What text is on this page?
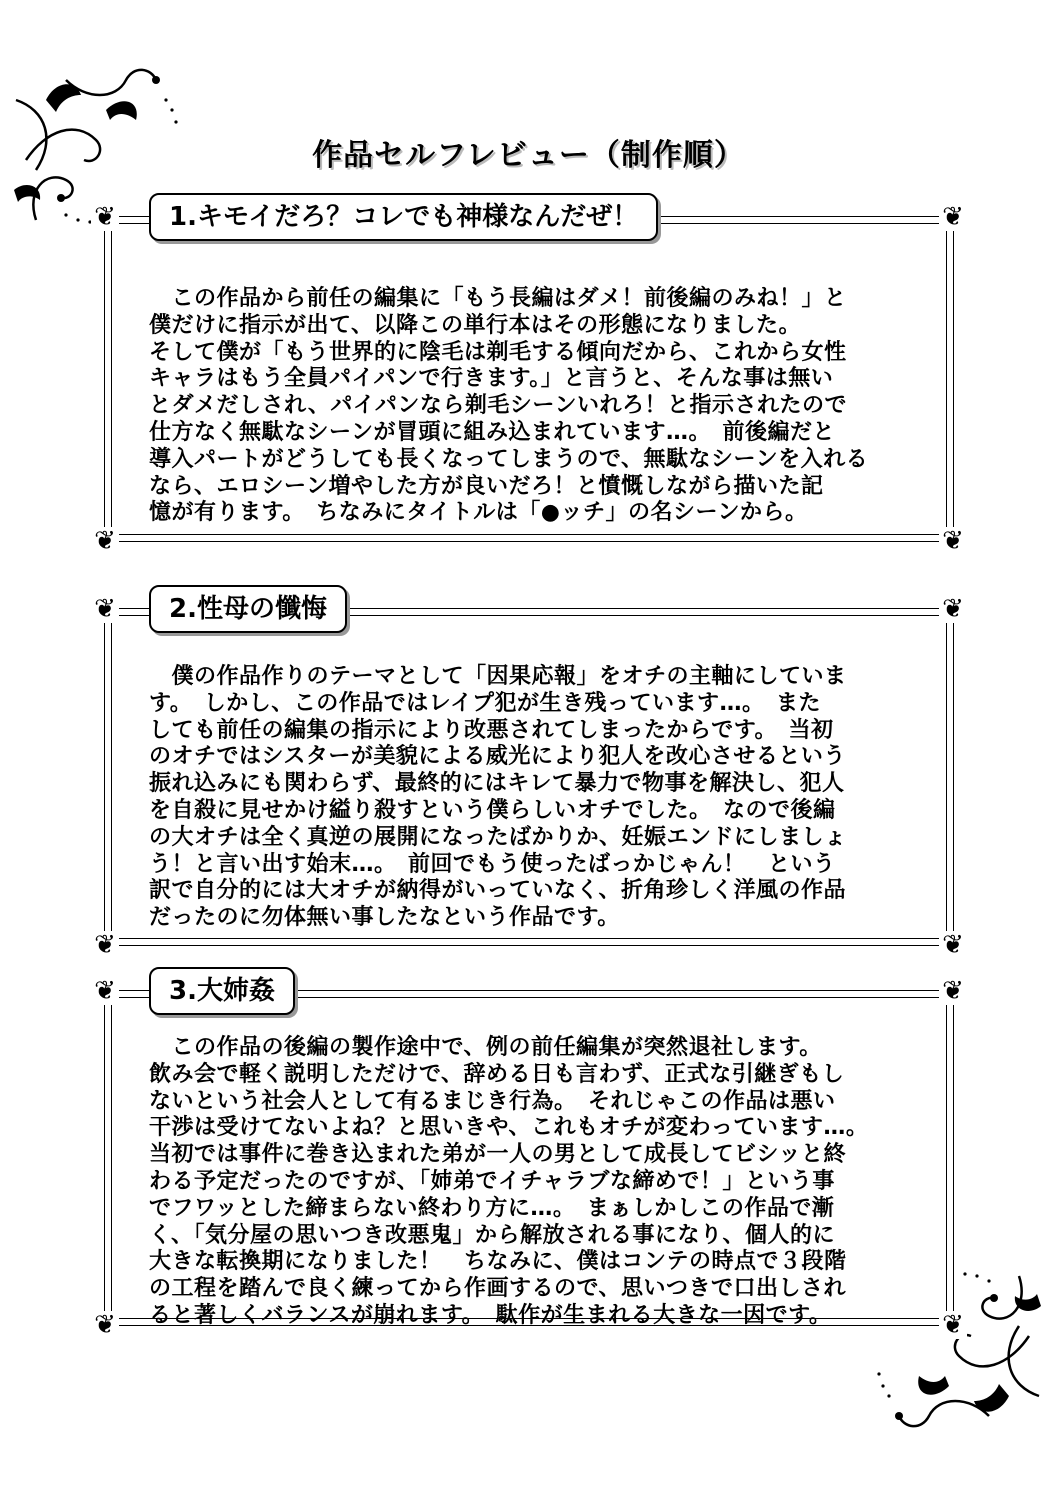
作品セルフレビュー（制作順）
❦	❦
❦	❦
1.キモイだろ？コレでも神様なんだぜ！
　この作品から前任の編集に「もう長編はダメ！前後編のみね！」と
僕だけに指示が出て、以降この単行本はその形態になりました。
そして僕が「もう世界的に陰毛は剃毛する傾向だから、これから女性
キャラはもう全員パイパンで行きます。」と言うと、そんな事は無い
とダメだしされ、パイパンなら剃毛シーンいれろ！と指示されたので
仕方なく無駄なシーンが冒頭に組み込まれています…。　前後編だと
導入パートがどうしても長くなってしまうので、無駄なシーンを入れる
なら、エロシーン増やした方が良いだろ！と憤慨しながら描いた記
憶が有ります。　ちなみにタイトルは「●ッチ」の名シーンから。
❦	❦
❦	❦
2.性母の懺悔
　僕の作品作りのテーマとして「因果応報」をオチの主軸にしていま
す。　しかし、この作品ではレイプ犯が生き残っています…。　また
しても前任の編集の指示により改悪されてしまったからです。　当初
のオチではシスターが美貌による威光により犯人を改心させるという
振れ込みにも関わらず、最終的にはキレて暴力で物事を解決し、犯人
を自殺に見せかけ縊り殺すという僕らしいオチでした。　なので後編
の大オチは全く真逆の展開になったばかりか、妊娠エンドにしましょ
う！と言い出す始末…。　前回でもう使ったばっかじゃん！　という
訳で自分的には大オチが納得がいっていなく、折角珍しく洋風の作品
だったのに勿体無い事したなという作品です。
❦	❦
❦	❦
3.大姉姦
　この作品の後編の製作途中で、例の前任編集が突然退社します。
飲み会で軽く説明しただけで、辞める日も言わず、正式な引継ぎもし
ないという社会人として有るまじき行為。　それじゃこの作品は悪い
干渉は受けてないよね？と思いきや、これもオチが変わっています…。
当初では事件に巻き込まれた弟が一人の男として成長してビシッと終
わる予定だったのですが、「姉弟でイチャラブな締めで！」という事
でフワッとした締まらない終わり方に…。　まぁしかしこの作品で漸
く、「気分屋の思いつき改悪鬼」から解放される事になり、個人的に
大きな転換期になりました！　ちなみに、僕はコンテの時点で３段階
の工程を踏んで良く練ってから作画するので、思いつきで口出しされ
ると著しくバランスが崩れます。　駄作が生まれる大きな一因です。
